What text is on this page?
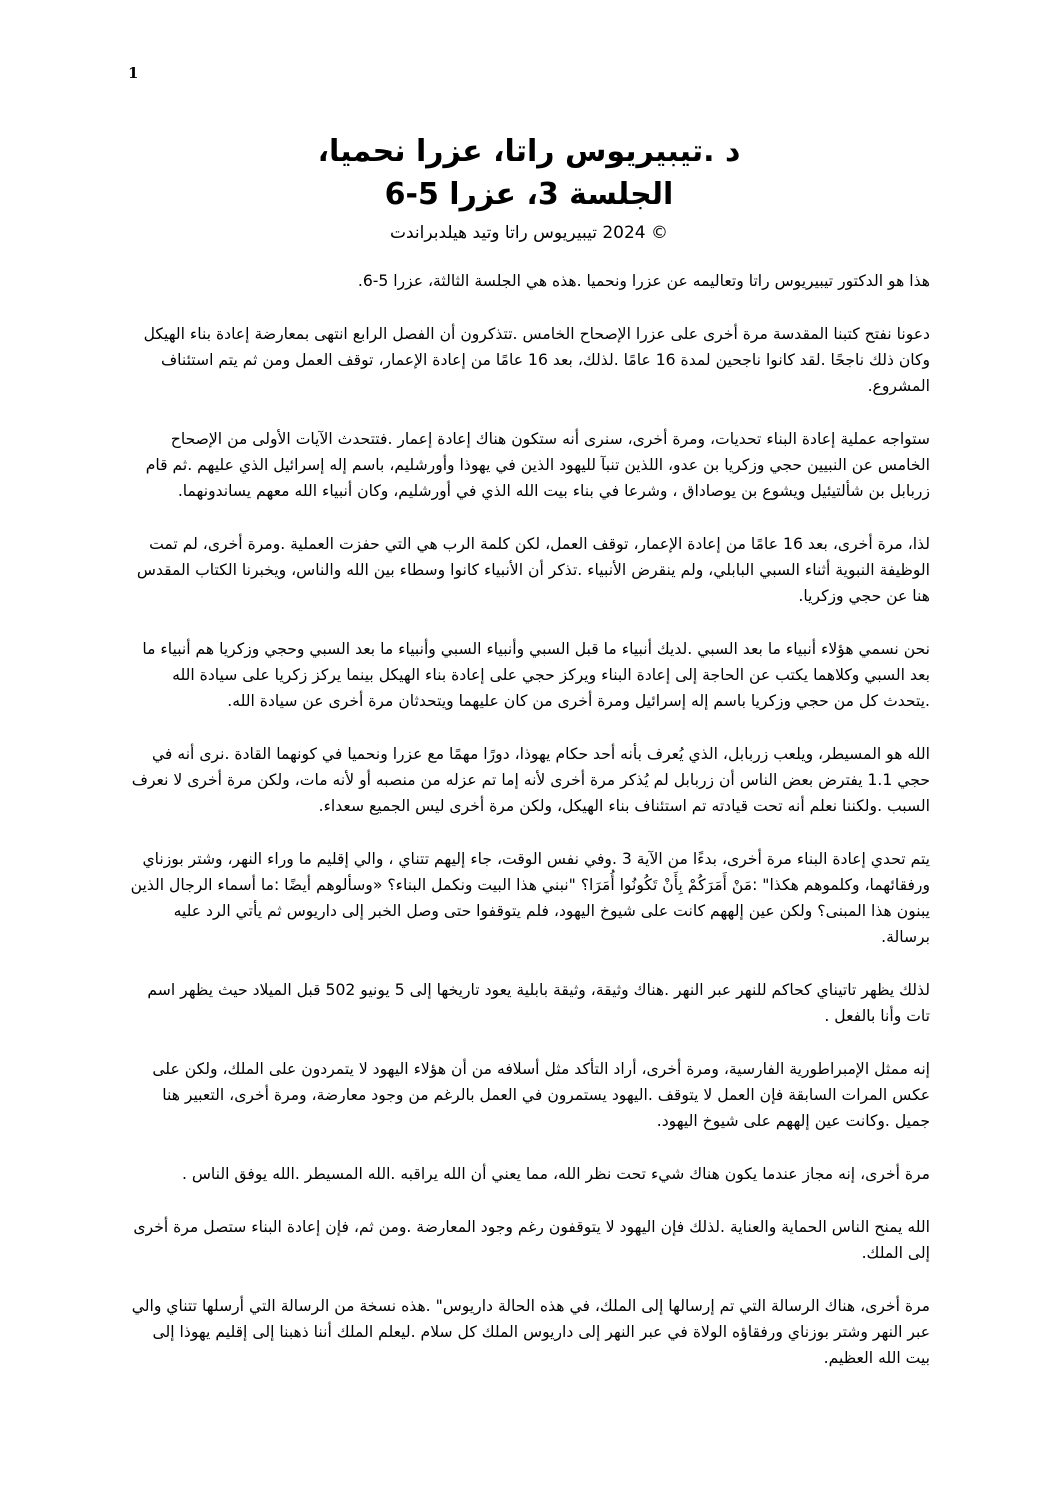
1

د .تيبيريوس راتا، عزرا نحميا،

الجلسة 3، عزرا 5-6

© 2024 تيبيريوس راتا وتيد هيلدبراندت

هذا هو الدكتور تيبيريوس راتا وتعاليمه عن عزرا ونحميا .هذه هي الجلسة الثالثة، عزرا 5-6.

دعونا نفتح كتبنا المقدسة مرة أخرى على عزرا الإصحاح الخامس .تتذكرون أن الفصل الرابع انتهى بمعارضة إعادة بناء الهيكل وكان ذلك ناجحًا .لقد كانوا ناجحين لمدة 16 عامًا .لذلك، بعد 16 عامًا من إعادة الإعمار، توقف العمل ومن ثم يتم استئناف المشروع.

ستواجه عملية إعادة البناء تحديات، ومرة أخرى، سنرى أنه ستكون هناك إعادة إعمار .فتتحدث الآيات الأولى من الإصحاح الخامس عن النبيين حجي وزكريا بن عدو، اللذين تنبآ لليهود الذين في يهوذا وأورشليم، باسم إله إسرائيل الذي عليهم .ثم قام زربابل بن شألتيئيل ويشوع بن يوصاداق ، وشرعا في بناء بيت الله الذي في أورشليم، وكان أنبياء الله معهم يساندونهما.

لذا، مرة أخرى، بعد 16 عامًا من إعادة الإعمار، توقف العمل، لكن كلمة الرب هي التي حفزت العملية .ومرة أخرى، لم تمت الوظيفة النبوية أثناء السبي البابلي، ولم ينقرض الأنبياء .تذكر أن الأنبياء كانوا وسطاء بين الله والناس، ويخبرنا الكتاب المقدس هنا عن حجي وزكريا.

نحن نسمي هؤلاء أنبياء ما بعد السبي .لديك أنبياء ما قبل السبي وأنبياء السبي وأنبياء ما بعد السبي وحجي وزكريا هم أنبياء ما بعد السبي وكلاهما يكتب عن الحاجة إلى إعادة البناء ويركز حجي على إعادة بناء الهيكل بينما يركز زكريا على سيادة الله .يتحدث كل من حجي وزكريا باسم إله إسرائيل ومرة أخرى من كان عليهما ويتحدثان مرة أخرى عن سيادة الله.

الله هو المسيطر، ويلعب زربابل، الذي يُعرف بأنه أحد حكام يهوذا، دورًا مهمًا مع عزرا ونحميا في كونهما القادة .نرى أنه في حجي 1.1 يفترض بعض الناس أن زربابل لم يُذكر مرة أخرى لأنه إما تم عزله من منصبه أو لأنه مات، ولكن مرة أخرى لا نعرف السبب .ولكننا نعلم أنه تحت قيادته تم استئناف بناء الهيكل، ولكن مرة أخرى ليس الجميع سعداء.

يتم تحدي إعادة البناء مرة أخرى، بدءًا من الآية 3 .وفي نفس الوقت، جاء إليهم تتناي ، والي إقليم ما وراء النهر، وشتر بوزناي ورفقائهما، وكلموهم هكذا" :مَنْ أَمَرَكُمْ بِأَنْ تَكُونُوا أُمَرَا؟ "نبني هذا البيت ونكمل البناء؟ «وسألوهم أيضًا :ما أسماء الرجال الذين يبنون هذا المبنى؟ ولكن عين إلههم كانت على شيوخ اليهود، فلم يتوقفوا حتى وصل الخبر إلى داريوس ثم يأتي الرد عليه برسالة.

لذلك يظهر تاتيناي كحاكم للنهر عبر النهر .هناك وثيقة، وثيقة بابلية يعود تاريخها إلى 5 يونيو 502 قبل الميلاد حيث يظهر اسم تات وأنا بالفعل .

إنه ممثل الإمبراطورية الفارسية، ومرة أخرى، أراد التأكد مثل أسلافه من أن هؤلاء اليهود لا يتمردون على الملك، ولكن على عكس المرات السابقة فإن العمل لا يتوقف .اليهود يستمرون في العمل بالرغم من وجود معارضة، ومرة أخرى، التعبير هنا جميل .وكانت عين إلههم على شيوخ اليهود.

مرة أخرى، إنه مجاز عندما يكون هناك شيء تحت نظر الله، مما يعني أن الله يراقبه .الله المسيطر .الله يوفق الناس .

الله يمنح الناس الحماية والعناية .لذلك فإن اليهود لا يتوقفون رغم وجود المعارضة .ومن ثم، فإن إعادة البناء ستصل مرة أخرى إلى الملك.

مرة أخرى، هناك الرسالة التي تم إرسالها إلى الملك، في هذه الحالة داريوس" .هذه نسخة من الرسالة التي أرسلها تتناي والي عبر النهر وشتر بوزناي ورفقاؤه الولاة في عبر النهر إلى داريوس الملك كل سلام .ليعلم الملك أننا ذهبنا إلى إقليم يهوذا إلى بيت الله العظيم.
